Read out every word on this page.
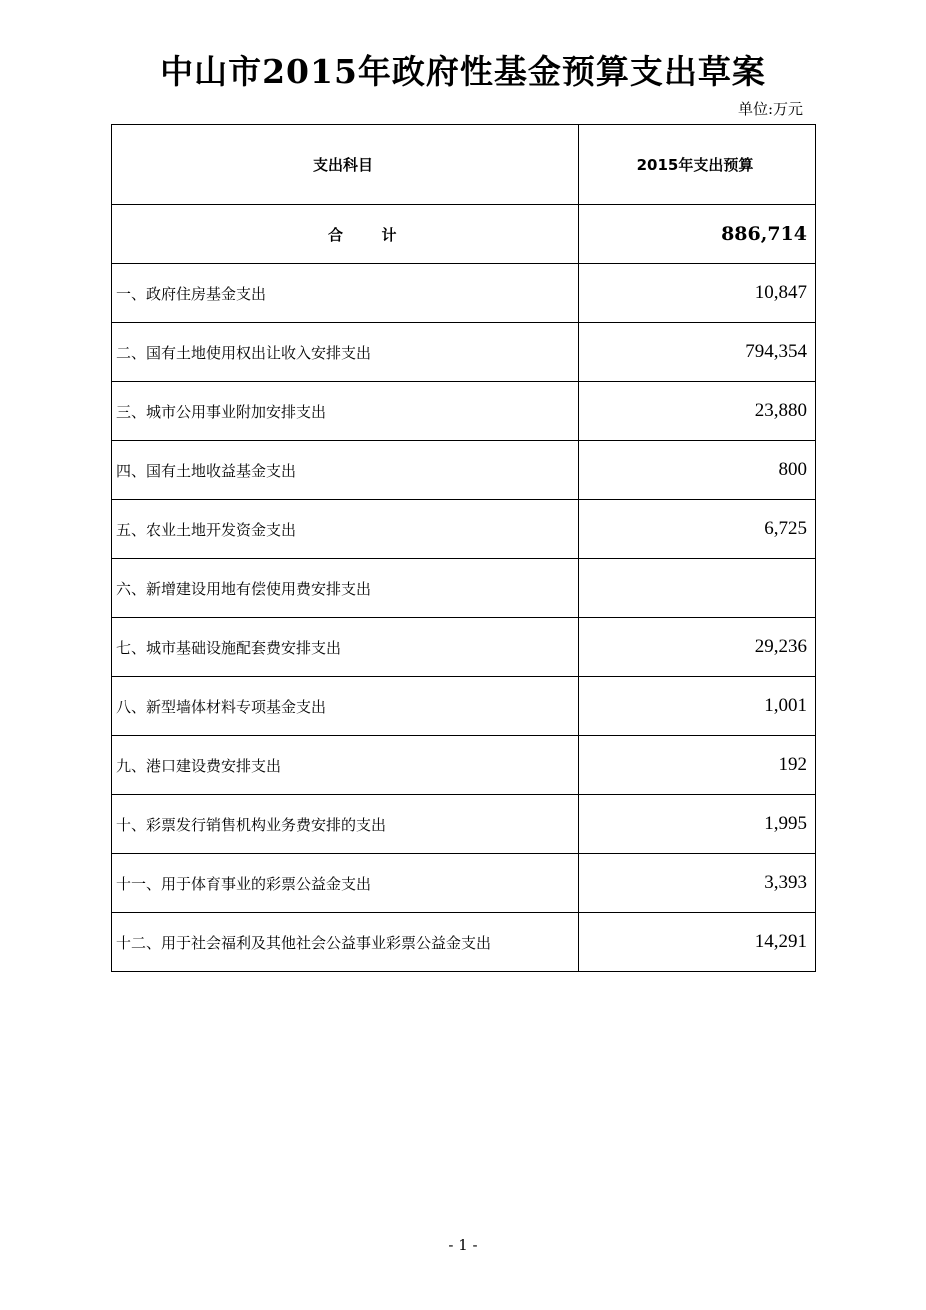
中山市2015年政府性基金预算支出草案
单位:万元
支出科目	2015年支出预算
合 计	886,714
一、政府住房基金支出	10,847
二、国有土地使用权出让收入安排支出	794,354
三、城市公用事业附加安排支出	23,880
四、国有土地收益基金支出	800
五、农业土地开发资金支出	6,725
六、新增建设用地有偿使用费安排支出	
七、城市基础设施配套费安排支出	29,236
八、新型墙体材料专项基金支出	1,001
九、港口建设费安排支出	192
十、彩票发行销售机构业务费安排的支出	1,995
十一、用于体育事业的彩票公益金支出	3,393
十二、用于社会福利及其他社会公益事业彩票公益金支出	14,291
- 1 -
